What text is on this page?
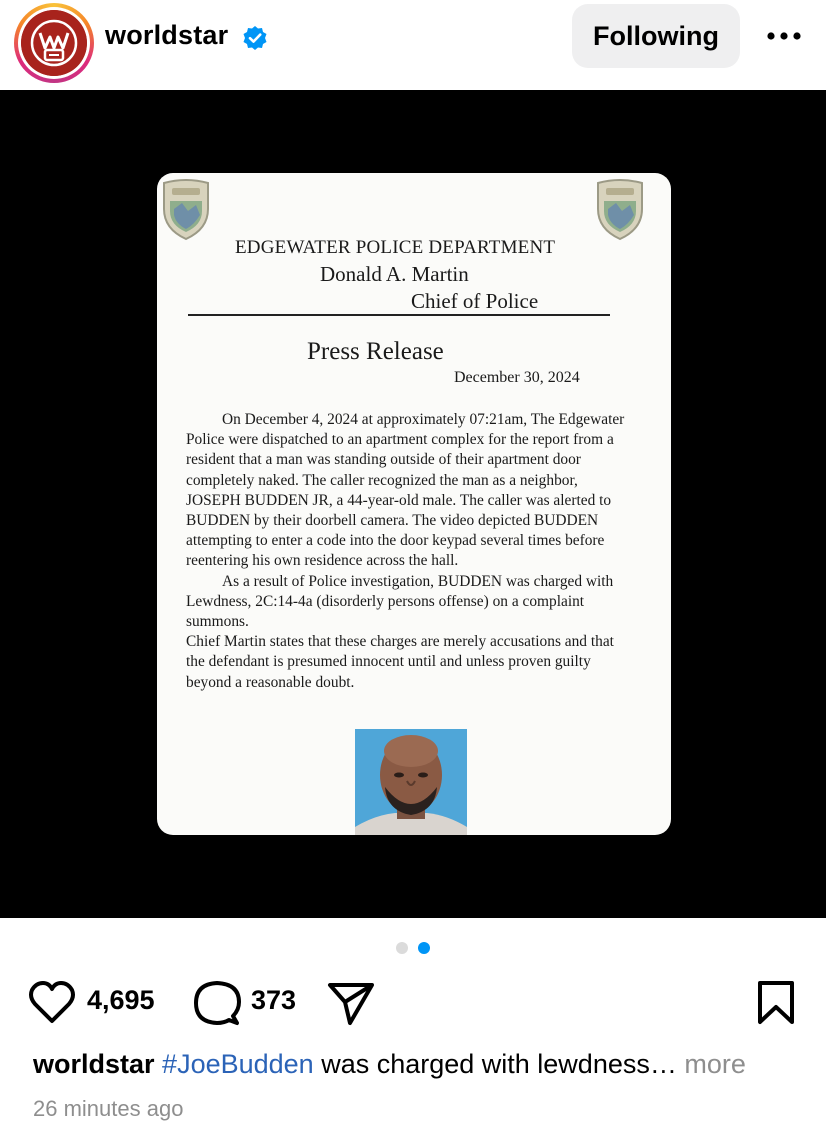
worldstar	Following
EDGEWATER POLICE DEPARTMENT
Donald A. Martin
Chief of Police
Press Release
December 30, 2024

On December 4, 2024 at approximately 07:21am, The Edgewater Police were dispatched to an apartment complex for the report from a resident that a man was standing outside of their apartment door completely naked. The caller recognized the man as a neighbor, JOSEPH BUDDEN JR, a 44-year-old male. The caller was alerted to BUDDEN by their doorbell camera. The video depicted BUDDEN attempting to enter a code into the door keypad several times before reentering his own residence across the hall.

As a result of Police investigation, BUDDEN was charged with Lewdness, 2C:14-4a (disorderly persons offense) on a complaint summons.

Chief Martin states that these charges are merely accusations and that the defendant is presumed innocent until and unless proven guilty beyond a reasonable doubt.

4,695	373
worldstar #JoeBudden was charged with lewdness… more
26 minutes ago
